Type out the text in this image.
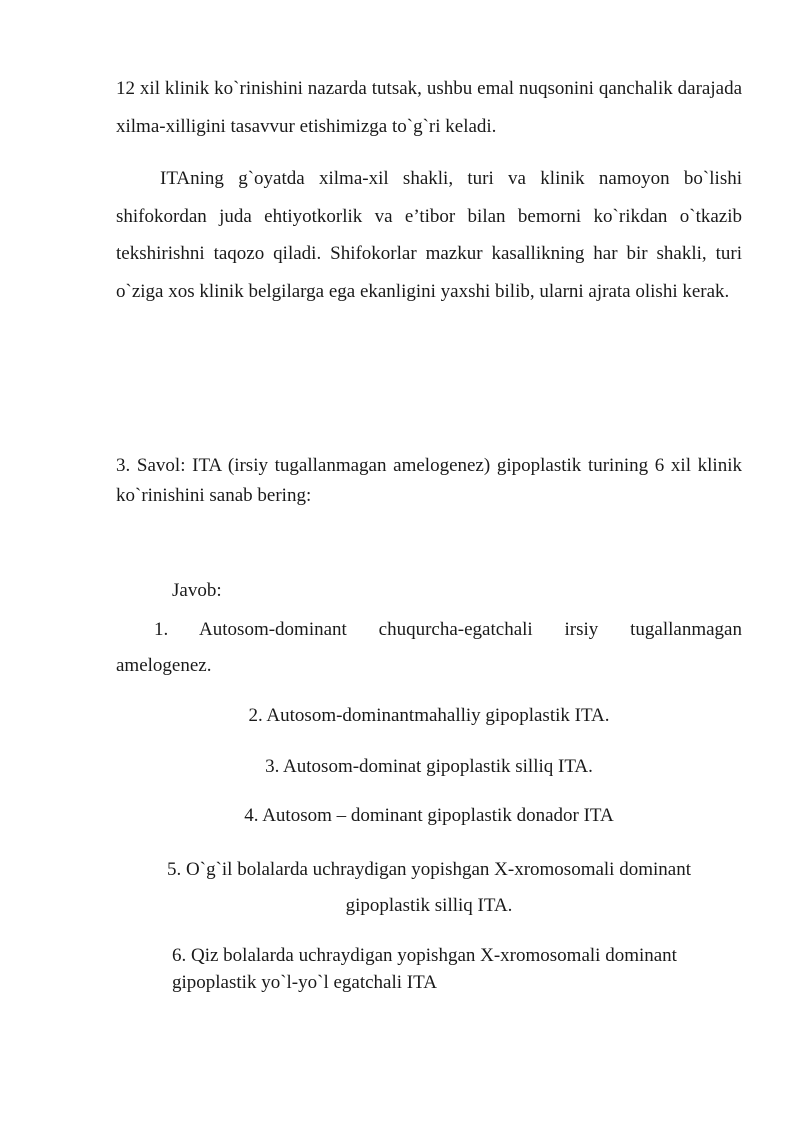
12 xil klinik ko`rinishini nazarda tutsak, ushbu emal nuqsonini qanchalik darajada xilma-xilligini tasavvur etishimizga to`g`ri keladi.

ITAning g`oyatda xilma-xil shakli, turi va klinik namoyon bo`lishi shifokordan juda ehtiyotkorlik va e’tibor bilan bemorni ko`rikdan o`tkazib tekshirishni taqozo qiladi. Shifokorlar mazkur kasallikning har bir shakli, turi o`ziga xos klinik belgilarga ega ekanligini yaxshi bilib, ularni ajrata olishi kerak.

3. Savol: ITA (irsiy tugallanmagan amelogenez) gipoplastik turining 6 xil klinik ko`rinishini sanab bering:

Javob:

1. Autosom-dominant chuqurcha-egatchali irsiy tugallanmagan
amelogenez.

2. Autosom-dominantmahalliy gipoplastik ITA.

3. Autosom-dominat gipoplastik silliq ITA.

4. Autosom – dominant gipoplastik donador ITA

5. O`g`il bolalarda uchraydigan yopishgan X-xromosomali dominant
gipoplastik silliq ITA.

6. Qiz bolalarda uchraydigan yopishgan X-xromosomali dominant
gipoplastik yo`l-yo`l egatchali ITA
